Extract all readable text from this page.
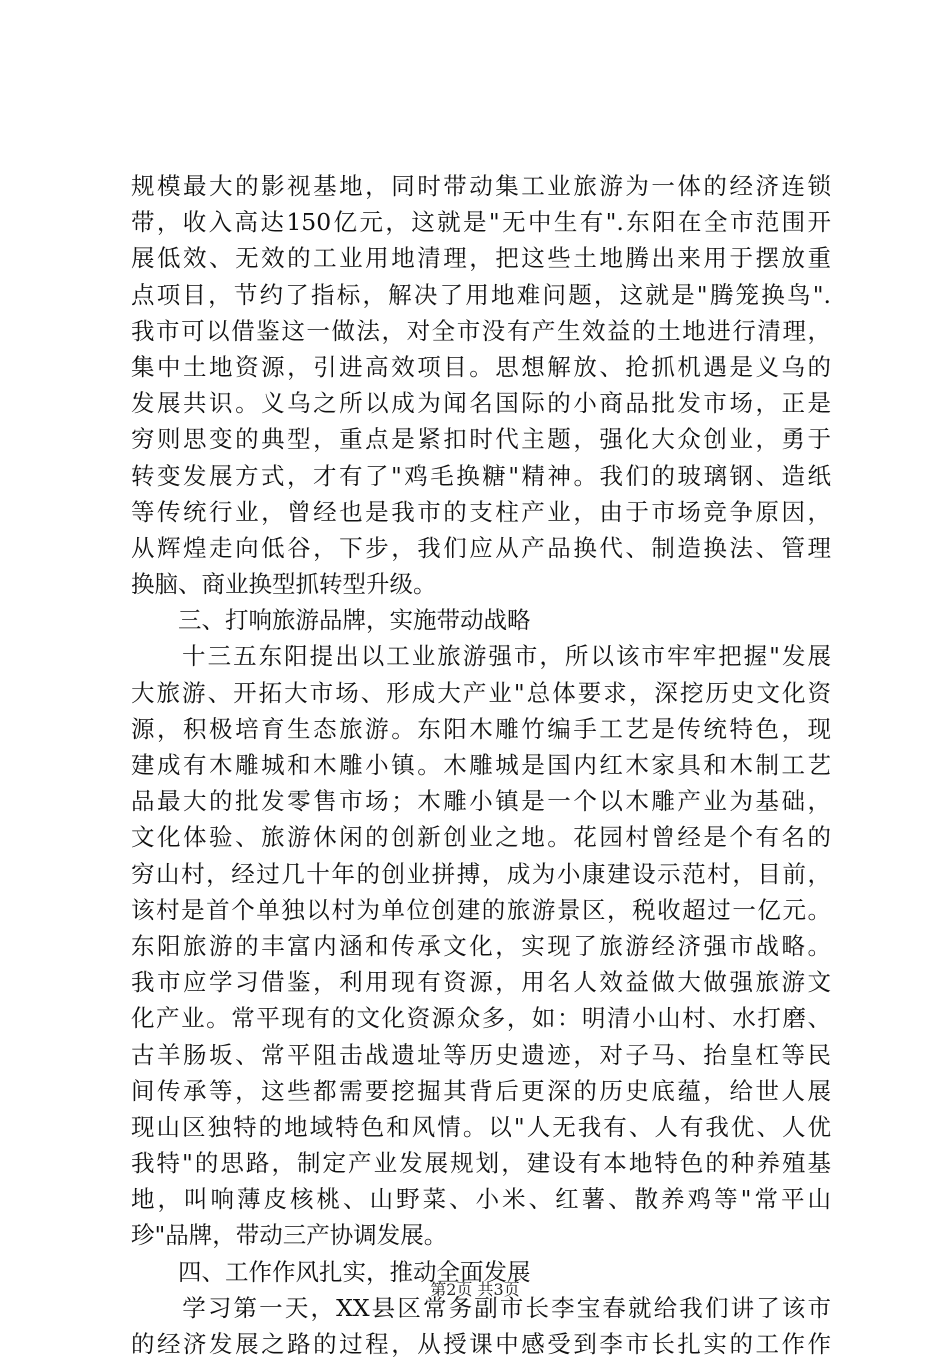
规模最大的影视基地，同时带动集工业旅游为一体的经济连锁
带，收入高达150亿元，这就是"无中生有".东阳在全市范围开
展低效、无效的工业用地清理，把这些土地腾出来用于摆放重
点项目，节约了指标，解决了用地难问题，这就是"腾笼换鸟".
我市可以借鉴这一做法，对全市没有产生效益的土地进行清理，
集中土地资源，引进高效项目。思想解放、抢抓机遇是义乌的
发展共识。义乌之所以成为闻名国际的小商品批发市场，正是
穷则思变的典型，重点是紧扣时代主题，强化大众创业，勇于
转变发展方式，才有了"鸡毛换糖"精神。我们的玻璃钢、造纸
等传统行业，曾经也是我市的支柱产业，由于市场竞争原因，
从辉煌走向低谷，下步，我们应从产品换代、制造换法、管理
换脑、商业换型抓转型升级。
　　三、打响旅游品牌，实施带动战略
　　十三五东阳提出以工业旅游强市，所以该市牢牢把握"发展
大旅游、开拓大市场、形成大产业"总体要求，深挖历史文化资
源，积极培育生态旅游。东阳木雕竹编手工艺是传统特色，现
建成有木雕城和木雕小镇。木雕城是国内红木家具和木制工艺
品最大的批发零售市场；木雕小镇是一个以木雕产业为基础，
文化体验、旅游休闲的创新创业之地。花园村曾经是个有名的
穷山村，经过几十年的创业拼搏，成为小康建设示范村，目前，
该村是首个单独以村为单位创建的旅游景区，税收超过一亿元。
东阳旅游的丰富内涵和传承文化，实现了旅游经济强市战略。
我市应学习借鉴，利用现有资源，用名人效益做大做强旅游文
化产业。常平现有的文化资源众多，如：明清小山村、水打磨、
古羊肠坂、常平阻击战遗址等历史遗迹，对子马、抬皇杠等民
间传承等，这些都需要挖掘其背后更深的历史底蕴，给世人展
现山区独特的地域特色和风情。以"人无我有、人有我优、人优
我特"的思路，制定产业发展规划，建设有本地特色的种养殖基
地，叫响薄皮核桃、山野菜、小米、红薯、散养鸡等"常平山
珍"品牌，带动三产协调发展。
　　四、工作作风扎实，推动全面发展
　　学习第一天，XX县区常务副市长李宝春就给我们讲了该市
的经济发展之路的过程，从授课中感受到李市长扎实的工作作
第2页 共3页
